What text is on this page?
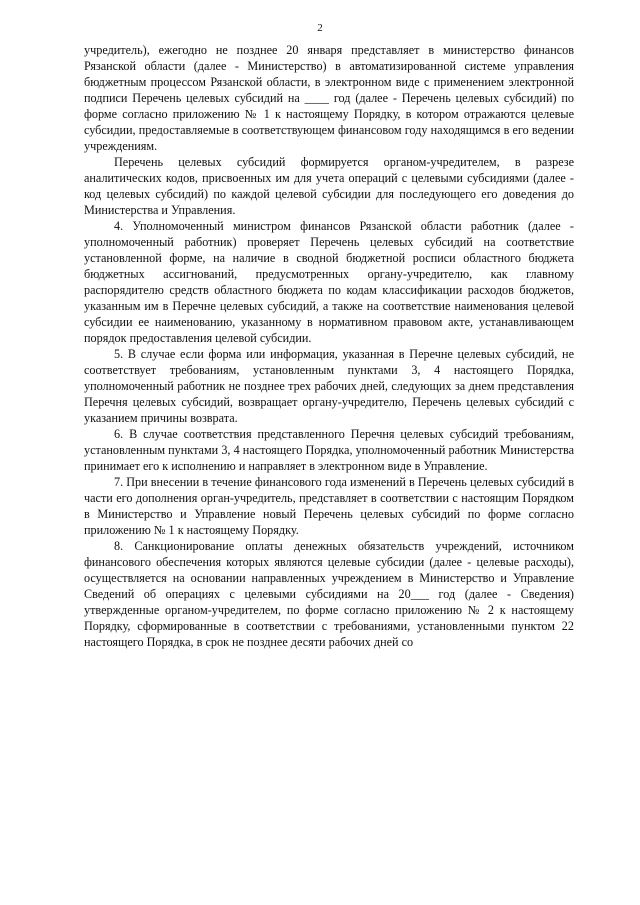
2

учредитель), ежегодно не позднее 20 января представляет в министерство финансов Рязанской области (далее - Министерство) в автоматизированной системе управления бюджетным процессом Рязанской области, в электронном виде с применением электронной подписи Перечень целевых субсидий на ____ год (далее - Перечень целевых субсидий) по форме согласно приложению № 1 к настоящему Порядку, в котором отражаются целевые субсидии, предоставляемые в соответствующем финансовом году находящимся в его ведении учреждениям.

Перечень целевых субсидий формируется органом-учредителем, в разрезе аналитических кодов, присвоенных им для учета операций с целевыми субсидиями (далее - код целевых субсидий) по каждой целевой субсидии для последующего его доведения до Министерства и Управления.

4. Уполномоченный министром финансов Рязанской области работник (далее - уполномоченный работник) проверяет Перечень целевых субсидий на соответствие установленной форме, на наличие в сводной бюджетной росписи областного бюджета бюджетных ассигнований, предусмотренных органу-учредителю, как главному распорядителю средств областного бюджета по кодам классификации расходов бюджетов, указанным им в Перечне целевых субсидий, а также на соответствие наименования целевой субсидии ее наименованию, указанному в нормативном правовом акте, устанавливающем порядок предоставления целевой субсидии.

5. В случае если форма или информация, указанная в Перечне целевых субсидий, не соответствует требованиям, установленным пунктами 3, 4 настоящего Порядка, уполномоченный работник не позднее трех рабочих дней, следующих за днем представления Перечня целевых субсидий, возвращает органу-учредителю, Перечень целевых субсидий с указанием причины возврата.

6. В случае соответствия представленного Перечня целевых субсидий требованиям, установленным пунктами 3, 4 настоящего Порядка, уполномоченный работник Министерства принимает его к исполнению и направляет в электронном виде в Управление.

7. При внесении в течение финансового года изменений в Перечень целевых субсидий в части его дополнения орган-учредитель, представляет в соответствии с настоящим Порядком в Министерство и Управление новый Перечень целевых субсидий по форме согласно приложению № 1 к настоящему Порядку.

8. Санкционирование оплаты денежных обязательств учреждений, источником финансового обеспечения которых являются целевые субсидии (далее - целевые расходы), осуществляется на основании направленных учреждением в Министерство и Управление Сведений об операциях с целевыми субсидиями на 20___ год (далее - Сведения) утвержденные органом-учредителем, по форме согласно приложению № 2 к настоящему Порядку, сформированные в соответствии с требованиями, установленными пунктом 22 настоящего Порядка, в срок не позднее десяти рабочих дней со
